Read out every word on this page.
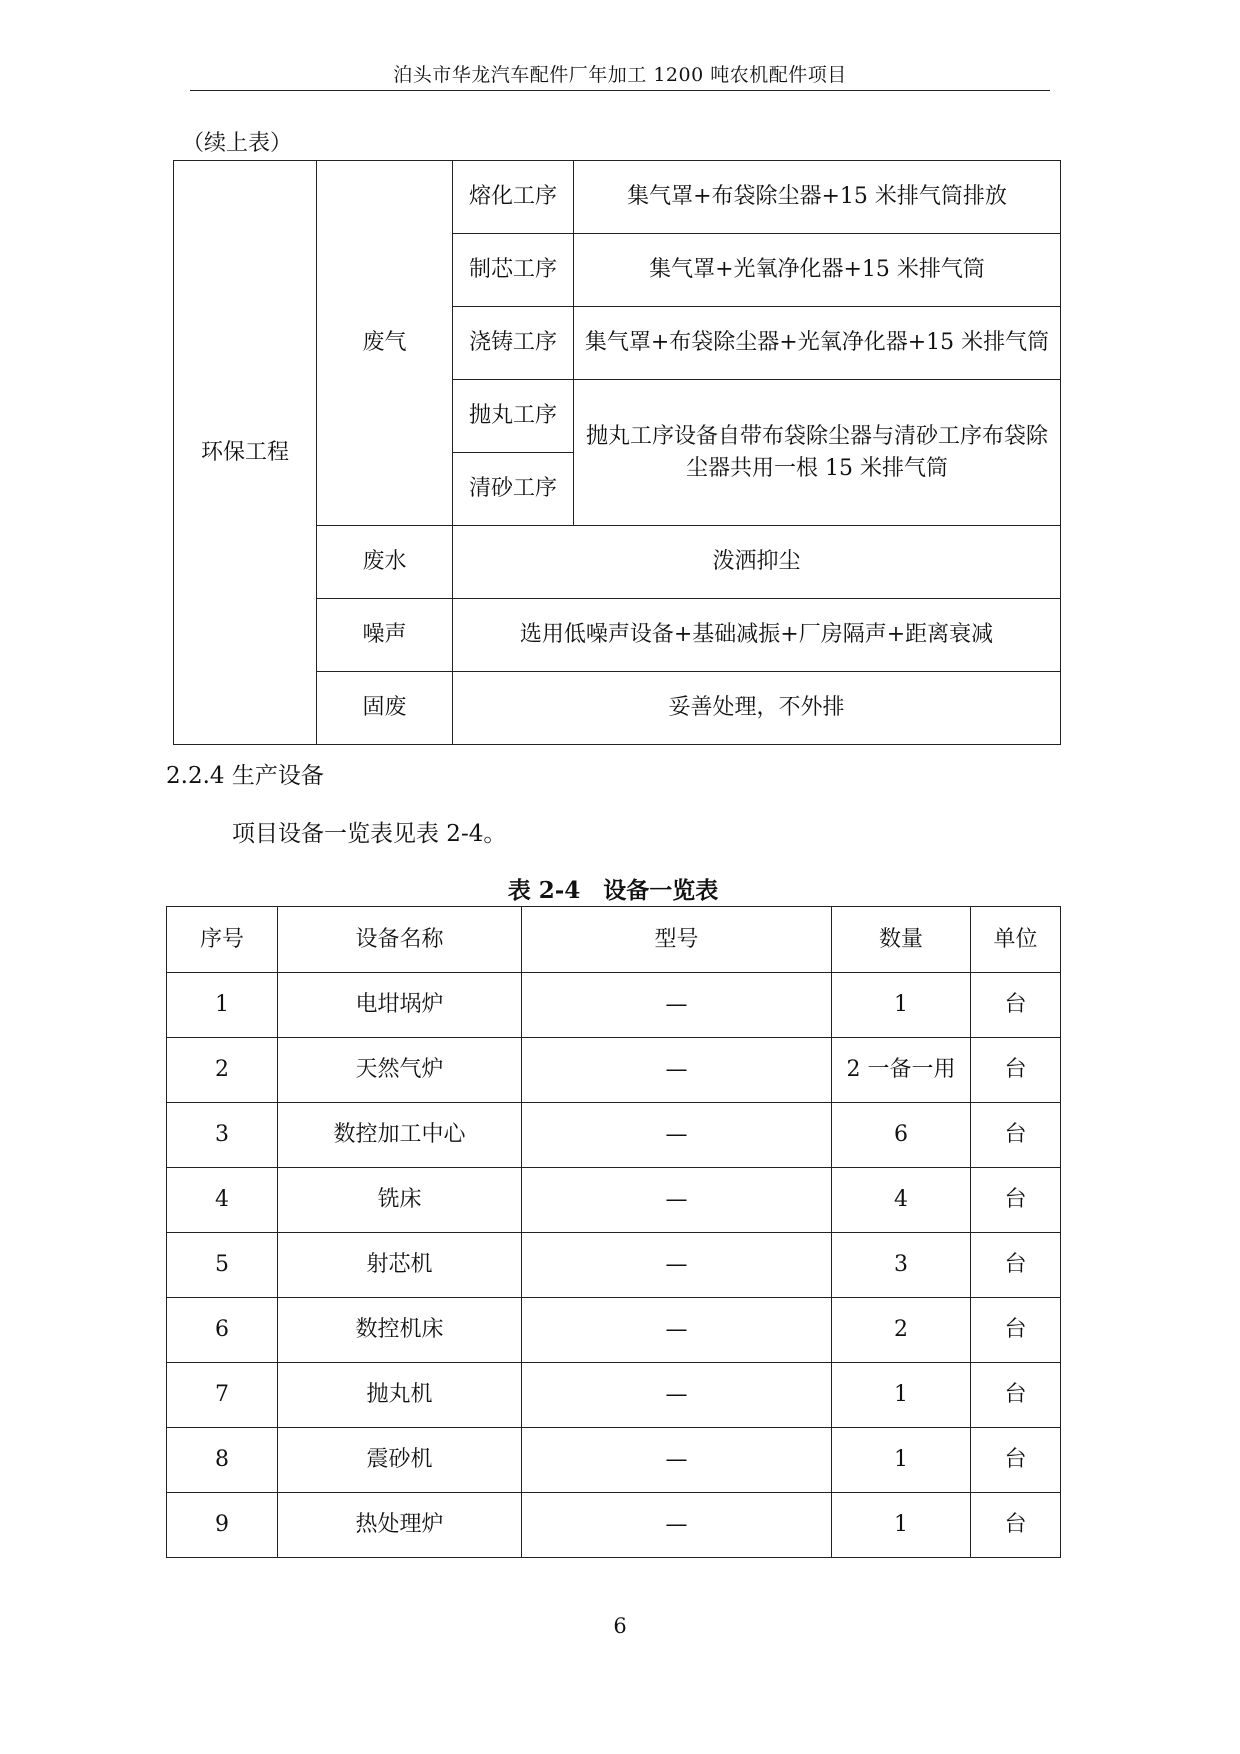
泊头市华龙汽车配件厂年加工 1200 吨农机配件项目
（续上表）
环保工程	废气	熔化工序	集气罩+布袋除尘器+15 米排气筒排放
		制芯工序	集气罩+光氧净化器+15 米排气筒
		浇铸工序	集气罩+布袋除尘器+光氧净化器+15 米排气筒
		抛丸工序	抛丸工序设备自带布袋除尘器与清砂工序布袋除尘器共用一根 15 米排气筒
		清砂工序	
	废水	泼洒抑尘	
	噪声	选用低噪声设备+基础减振+厂房隔声+距离衰减	
	固废	妥善处理，不外排	
2.2.4 生产设备
项目设备一览表见表 2-4。
表 2-4　设备一览表
序号	设备名称	型号	数量	单位
1	电坩埚炉	—	1	台
2	天然气炉	—	2 一备一用	台
3	数控加工中心	—	6	台
4	铣床	—	4	台
5	射芯机	—	3	台
6	数控机床	—	2	台
7	抛丸机	—	1	台
8	震砂机	—	1	台
9	热处理炉	—	1	台
6
